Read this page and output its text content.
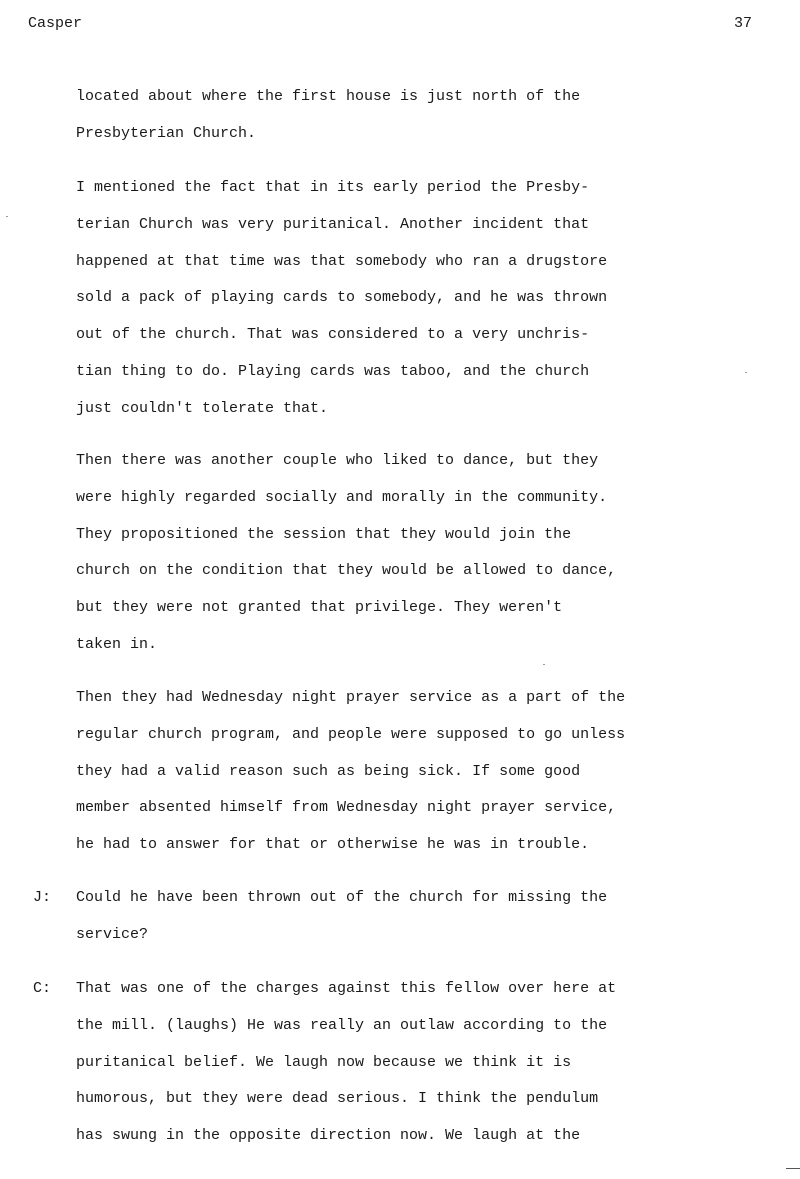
Casper	37
located about where the first house is just north of the
Presbyterian Church.
I mentioned the fact that in its early period the Presby-
terian Church was very puritanical. Another incident that
happened at that time was that somebody who ran a drugstore
sold a pack of playing cards to somebody, and he was thrown
out of the church. That was considered to a very unchris-
tian thing to do. Playing cards was taboo, and the church
just couldn't tolerate that.
Then there was another couple who liked to dance, but they
were highly regarded socially and morally in the community.
They propositioned the session that they would join the
church on the condition that they would be allowed to dance,
but they were not granted that privilege. They weren't
taken in.
Then they had Wednesday night prayer service as a part of the
regular church program, and people were supposed to go unless
they had a valid reason such as being sick. If some good
member absented himself from Wednesday night prayer service,
he had to answer for that or otherwise he was in trouble.
J: Could he have been thrown out of the church for missing the
service?
C: That was one of the charges against this fellow over here at
the mill. (laughs) He was really an outlaw according to the
puritanical belief. We laugh now because we think it is
humorous, but they were dead serious. I think the pendulum
has swung in the opposite direction now. We laugh at the
